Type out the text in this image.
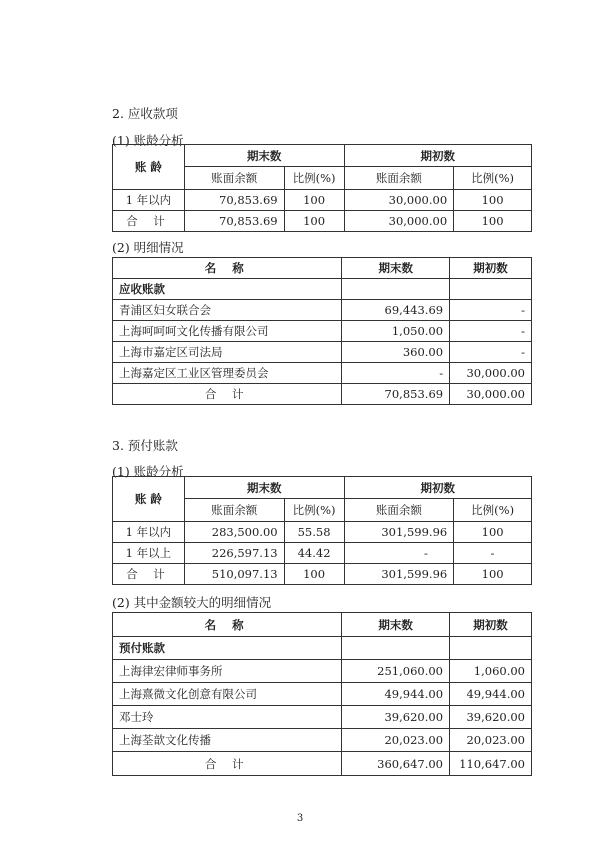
2. 应收款项
(1) 账龄分析
账 龄	期末数		期初数	
	账面余额	比例(%)	账面余额	比例(%)
1 年以内	70,853.69	100	30,000.00	100
合 计	70,853.69	100	30,000.00	100
(2) 明细情况
名 称	期末数	期初数
应收账款		
青浦区妇女联合会	69,443.69	-
上海呵呵呵文化传播有限公司	1,050.00	-
上海市嘉定区司法局	360.00	-
上海嘉定区工业区管理委员会	-	30,000.00
合 计	70,853.69	30,000.00
3. 预付账款
(1) 账龄分析
账 龄	期末数		期初数	
	账面余额	比例(%)	账面余额	比例(%)
1 年以内	283,500.00	55.58	301,599.96	100
1 年以上	226,597.13	44.42	-	-
合 计	510,097.13	100	301,599.96	100
(2) 其中金额较大的明细情况
名 称	期末数	期初数
预付账款		
上海律宏律师事务所	251,060.00	1,060.00
上海熹微文化创意有限公司	49,944.00	49,944.00
邓士玲	39,620.00	39,620.00
上海荃歆文化传播	20,023.00	20,023.00
合 计	360,647.00	110,647.00
3
